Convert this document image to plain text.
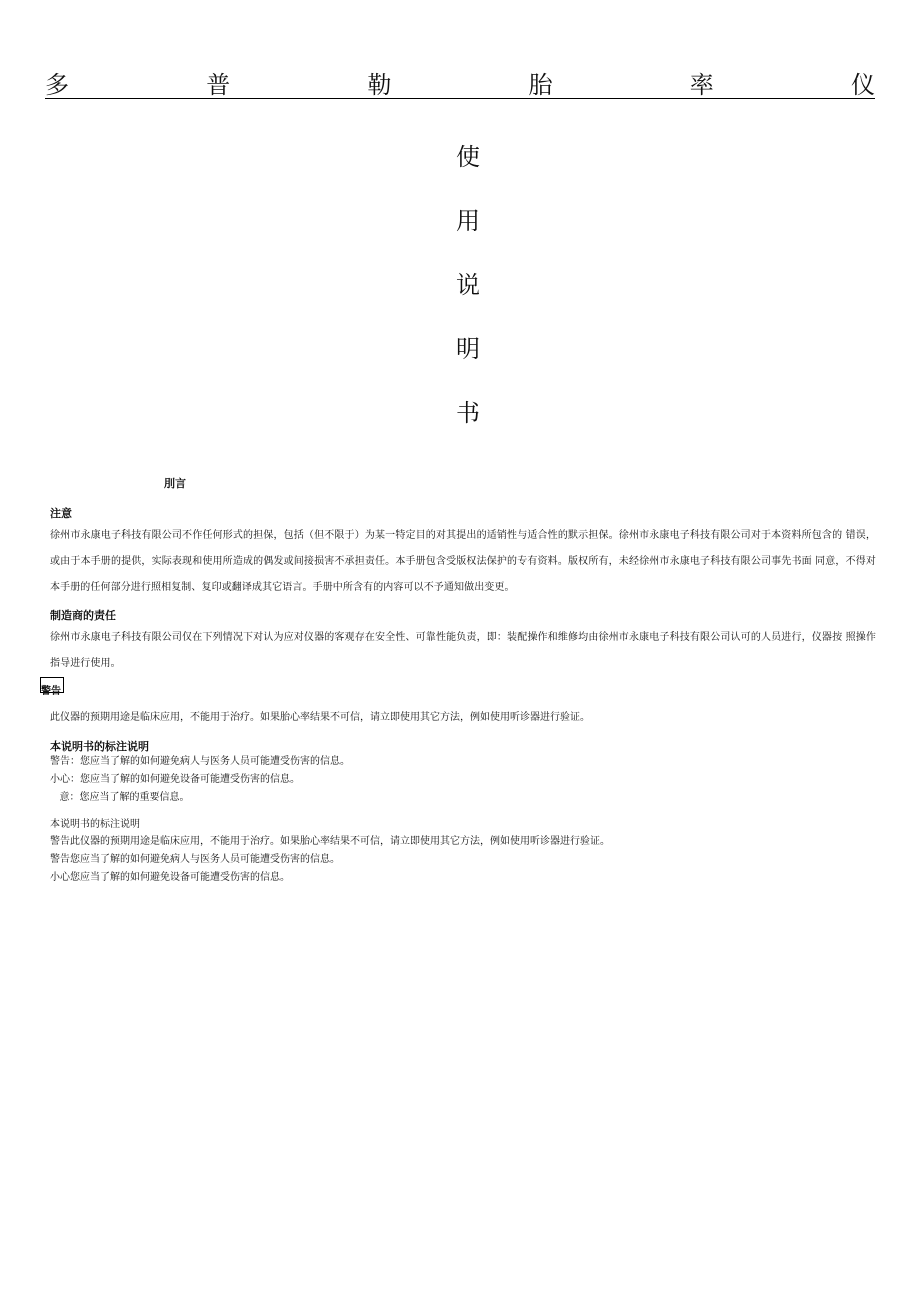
多	普	勒	胎	率	仪
使
用
说
明
书
刖言
注意
徐州市永康电子科技有限公司不作任何形式的担保，包括（但不限于）为某一特定目的对其提出的适销性与适合性的默示担保。徐州市永康电子科技有限公司对于本资料所包含的 错误，或由于本手册的提供，实际表现和使用所造成的偶发或间接损害不承担责任。本手册包含受版权法保护的专有资料。版权所有，未经徐州市永康电子科技有限公司事先书面 同意，不得对本手册的任何部分进行照相复制、复印或翻译成其它语言。手册中所含有的内容可以不予通知做出变更。
制造商的责任
徐州市永康电子科技有限公司仅在下列情况下对认为应对仪器的客观存在安全性、可靠性能负责，即：装配操作和维修均由徐州市永康电子科技有限公司认可的人员进行，仪器按 照操作指导进行使用。
警告
此仪器的预期用途是临床应用，不能用于治疗。如果胎心率结果不可信，请立即使用其它方法，例如使用听诊器进行验证。
本说明书的标注说明
警告：您应当了解的如何避免病人与医务人员可能遭受伤害的信息。
小心：您应当了解的如何避免设备可能遭受伤害的信息。
意：您应当了解的重要信息。
本说明书的标注说明
警告此仪器的预期用途是临床应用，不能用于治疗。如果胎心率结果不可信，请立即使用其它方法，例如使用听诊器进行验证。
警告您应当了解的如何避免病人与医务人员可能遭受伤害的信息。
小心您应当了解的如何避免设备可能遭受伤害的信息。
